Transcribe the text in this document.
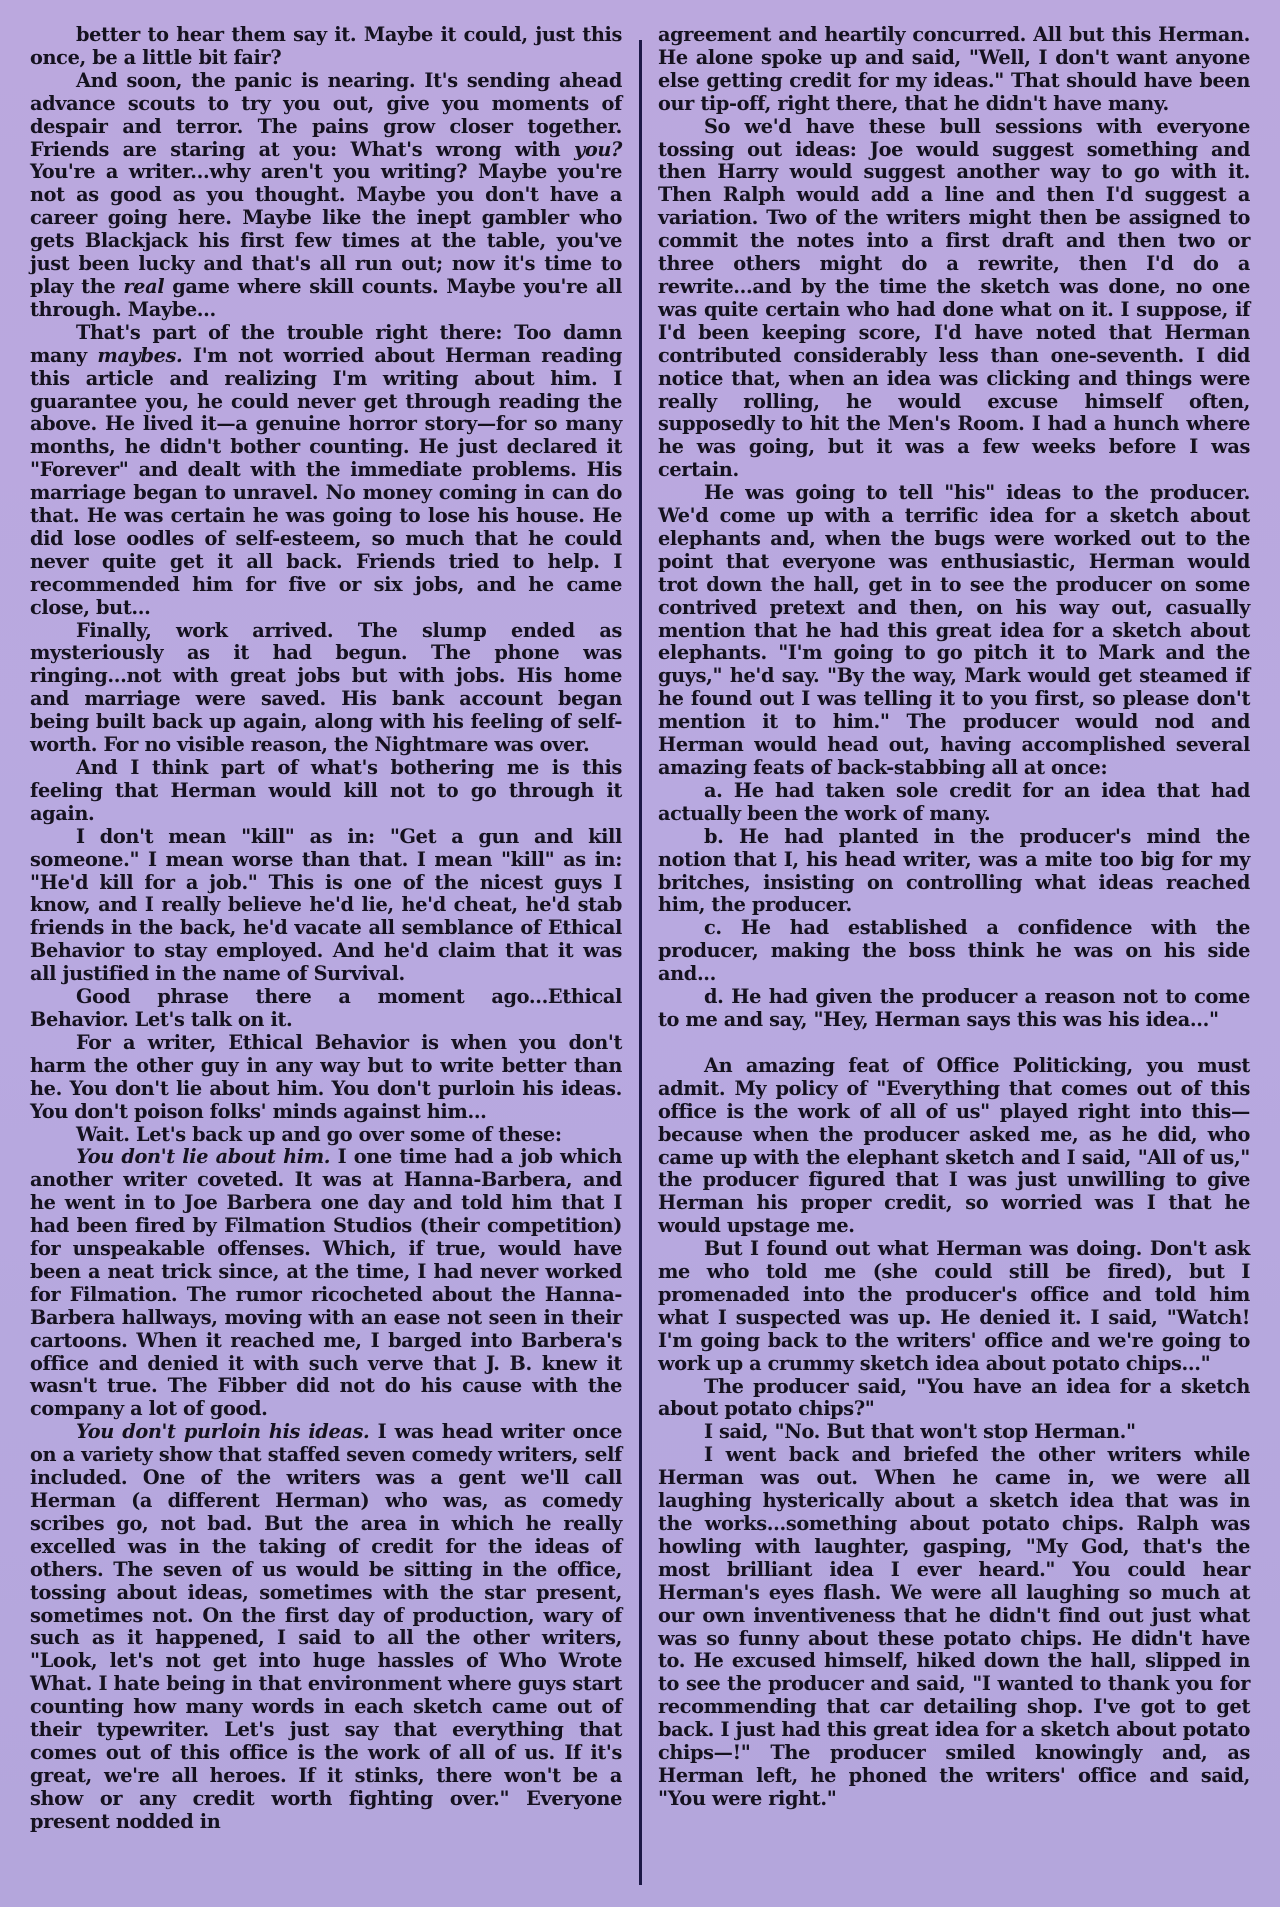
better to hear them say it. Maybe it could, just this once, be a little bit fair?

And soon, the panic is nearing. It's sending ahead advance scouts to try you out, give you moments of despair and terror. The pains grow closer together. Friends are staring at you: What's wrong with you? You're a writer...why aren't you writing? Maybe you're not as good as you thought. Maybe you don't have a career going here. Maybe like the inept gambler who gets Blackjack his first few times at the table, you've just been lucky and that's all run out; now it's time to play the real game where skill counts. Maybe you're all through. Maybe...

That's part of the trouble right there: Too damn many maybes. I'm not worried about Herman reading this article and realizing I'm writing about him. I guarantee you, he could never get through reading the above. He lived it—a genuine horror story—for so many months, he didn't bother counting. He just declared it "Forever" and dealt with the immediate problems. His marriage began to unravel. No money coming in can do that. He was certain he was going to lose his house. He did lose oodles of self-esteem, so much that he could never quite get it all back. Friends tried to help. I recommended him for five or six jobs, and he came close, but...

Finally, work arrived. The slump ended as mysteriously as it had begun. The phone was ringing...not with great jobs but with jobs. His home and marriage were saved. His bank account began being built back up again, along with his feeling of self-worth. For no visible reason, the Nightmare was over.

And I think part of what's bothering me is this feeling that Herman would kill not to go through it again.

I don't mean "kill" as in: "Get a gun and kill someone." I mean worse than that. I mean "kill" as in: "He'd kill for a job." This is one of the nicest guys I know, and I really believe he'd lie, he'd cheat, he'd stab friends in the back, he'd vacate all semblance of Ethical Behavior to stay employed. And he'd claim that it was all justified in the name of Survival.

Good phrase there a moment ago...Ethical Behavior. Let's talk on it.

For a writer, Ethical Behavior is when you don't harm the other guy in any way but to write better than he. You don't lie about him. You don't purloin his ideas. You don't poison folks' minds against him...

Wait. Let's back up and go over some of these:

You don't lie about him. I one time had a job which another writer coveted. It was at Hanna-Barbera, and he went in to Joe Barbera one day and told him that I had been fired by Filmation Studios (their competition) for unspeakable offenses. Which, if true, would have been a neat trick since, at the time, I had never worked for Filmation. The rumor ricocheted about the Hanna-Barbera hallways, moving with an ease not seen in their cartoons. When it reached me, I barged into Barbera's office and denied it with such verve that J. B. knew it wasn't true. The Fibber did not do his cause with the company a lot of good.

You don't purloin his ideas. I was head writer once on a variety show that staffed seven comedy writers, self included. One of the writers was a gent we'll call Herman (a different Herman) who was, as comedy scribes go, not bad. But the area in which he really excelled was in the taking of credit for the ideas of others. The seven of us would be sitting in the office, tossing about ideas, sometimes with the star present, sometimes not. On the first day of production, wary of such as it happened, I said to all the other writers, "Look, let's not get into huge hassles of Who Wrote What. I hate being in that environment where guys start counting how many words in each sketch came out of their typewriter. Let's just say that everything that comes out of this office is the work of all of us. If it's great, we're all heroes. If it stinks, there won't be a show or any credit worth fighting over." Everyone present nodded in

agreement and heartily concurred. All but this Herman. He alone spoke up and said, "Well, I don't want anyone else getting credit for my ideas." That should have been our tip-off, right there, that he didn't have many.

So we'd have these bull sessions with everyone tossing out ideas: Joe would suggest something and then Harry would suggest another way to go with it. Then Ralph would add a line and then I'd suggest a variation. Two of the writers might then be assigned to commit the notes into a first draft and then two or three others might do a rewrite, then I'd do a rewrite...and by the time the sketch was done, no one was quite certain who had done what on it. I suppose, if I'd been keeping score, I'd have noted that Herman contributed considerably less than one-seventh. I did notice that, when an idea was clicking and things were really rolling, he would excuse himself often, supposedly to hit the Men's Room. I had a hunch where he was going, but it was a few weeks before I was certain.

He was going to tell "his" ideas to the producer. We'd come up with a terrific idea for a sketch about elephants and, when the bugs were worked out to the point that everyone was enthusiastic, Herman would trot down the hall, get in to see the producer on some contrived pretext and then, on his way out, casually mention that he had this great idea for a sketch about elephants. "I'm going to go pitch it to Mark and the guys," he'd say. "By the way, Mark would get steamed if he found out I was telling it to you first, so please don't mention it to him." The producer would nod and Herman would head out, having accomplished several amazing feats of back-stabbing all at once:

a. He had taken sole credit for an idea that had actually been the work of many.

b. He had planted in the producer's mind the notion that I, his head writer, was a mite too big for my britches, insisting on controlling what ideas reached him, the producer.

c. He had established a confidence with the producer, making the boss think he was on his side and...

d. He had given the producer a reason not to come to me and say, "Hey, Herman says this was his idea..."

An amazing feat of Office Politicking, you must admit. My policy of "Everything that comes out of this office is the work of all of us" played right into this—because when the producer asked me, as he did, who came up with the elephant sketch and I said, "All of us," the producer figured that I was just unwilling to give Herman his proper credit, so worried was I that he would upstage me.

But I found out what Herman was doing. Don't ask me who told me (she could still be fired), but I promenaded into the producer's office and told him what I suspected was up. He denied it. I said, "Watch! I'm going back to the writers' office and we're going to work up a crummy sketch idea about potato chips..."

The producer said, "You have an idea for a sketch about potato chips?"

I said, "No. But that won't stop Herman."

I went back and briefed the other writers while Herman was out. When he came in, we were all laughing hysterically about a sketch idea that was in the works...something about potato chips. Ralph was howling with laughter, gasping, "My God, that's the most brilliant idea I ever heard." You could hear Herman's eyes flash. We were all laughing so much at our own inventiveness that he didn't find out just what was so funny about these potato chips. He didn't have to. He excused himself, hiked down the hall, slipped in to see the producer and said, "I wanted to thank you for recommending that car detailing shop. I've got to get back. I just had this great idea for a sketch about potato chips—!" The producer smiled knowingly and, as Herman left, he phoned the writers' office and said, "You were right."
